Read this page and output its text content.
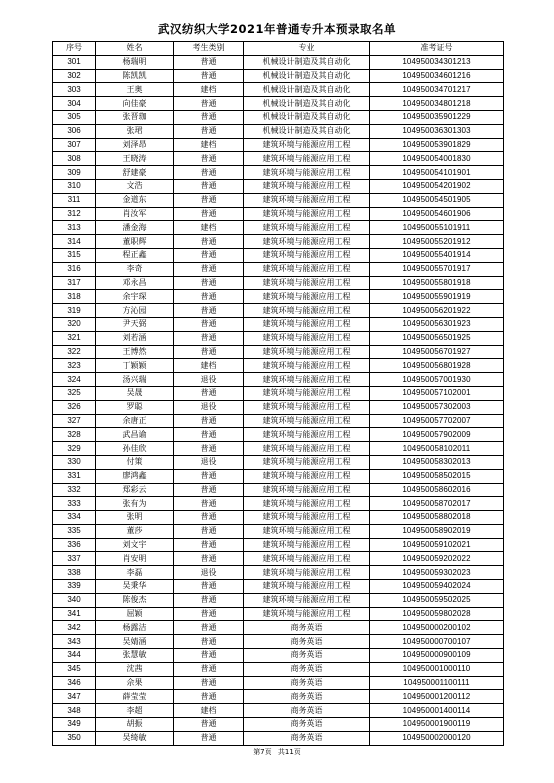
武汉纺织大学2021年普通专升本预录取名单
序号	姓名	考生类别	专业	准考证号
301	杨瑞明	普通	机械设计制造及其自动化	104950034301213
302	陈凯凯	普通	机械设计制造及其自动化	104950034601216
303	王奥	建档	机械设计制造及其自动化	104950034701217
304	向佳豪	普通	机械设计制造及其自动化	104950034801218
305	张晋珈	普通	机械设计制造及其自动化	104950035901229
306	张珺	普通	机械设计制造及其自动化	104950036301303
307	刘泽昂	建档	建筑环境与能源应用工程	104950053901829
308	王晓涛	普通	建筑环境与能源应用工程	104950054001830
309	舒建豪	普通	建筑环境与能源应用工程	104950054101901
310	文浩	普通	建筑环境与能源应用工程	104950054201902
311	金道东	普通	建筑环境与能源应用工程	104950054501905
312	肖汝军	普通	建筑环境与能源应用工程	104950054601906
313	潘金海	建档	建筑环境与能源应用工程	104950055101911
314	董职辉	普通	建筑环境与能源应用工程	104950055201912
315	程正鑫	普通	建筑环境与能源应用工程	104950055401914
316	李奇	普通	建筑环境与能源应用工程	104950055701917
317	邓永昌	普通	建筑环境与能源应用工程	104950055801918
318	余宇琛	普通	建筑环境与能源应用工程	104950055901919
319	方沁园	普通	建筑环境与能源应用工程	104950056201922
320	尹天弼	普通	建筑环境与能源应用工程	104950056301923
321	刘若涵	普通	建筑环境与能源应用工程	104950056501925
322	王博然	普通	建筑环境与能源应用工程	104950056701927
323	丁颖颖	建档	建筑环境与能源应用工程	104950056801928
324	汤兴瑞	退役	建筑环境与能源应用工程	104950057001930
325	吴晟	普通	建筑环境与能源应用工程	104950057102001
326	罗聪	退役	建筑环境与能源应用工程	104950057302003
327	余唐正	普通	建筑环境与能源应用工程	104950057702007
328	武昌谕	普通	建筑环境与能源应用工程	104950057902009
329	孙佳欣	普通	建筑环境与能源应用工程	104950058102011
330	付策	退役	建筑环境与能源应用工程	104950058302013
331	廖鸿鑫	普通	建筑环境与能源应用工程	104950058502015
332	郑彩云	普通	建筑环境与能源应用工程	104950058602016
333	张有为	普通	建筑环境与能源应用工程	104950058702017
334	张明	普通	建筑环境与能源应用工程	104950058802018
335	董莎	普通	建筑环境与能源应用工程	104950058902019
336	刘文宇	普通	建筑环境与能源应用工程	104950059102021
337	肖安明	普通	建筑环境与能源应用工程	104950059202022
338	李磊	退役	建筑环境与能源应用工程	104950059302023
339	吴秉华	普通	建筑环境与能源应用工程	104950059402024
340	陈俊杰	普通	建筑环境与能源应用工程	104950059502025
341	屈颖	普通	建筑环境与能源应用工程	104950059802028
342	杨露洁	普通	商务英语	104950000200102
343	吴婧涵	普通	商务英语	104950000700107
344	张慧敏	普通	商务英语	104950000900109
345	沈茜	普通	商务英语	104950001000110
346	佘果	普通	商务英语	104950001100111
347	薛莹莹	普通	商务英语	104950001200112
348	李超	建档	商务英语	104950001400114
349	胡振	普通	商务英语	104950001900119
350	吴绮敏	普通	商务英语	104950002000120
第7页 共11页
